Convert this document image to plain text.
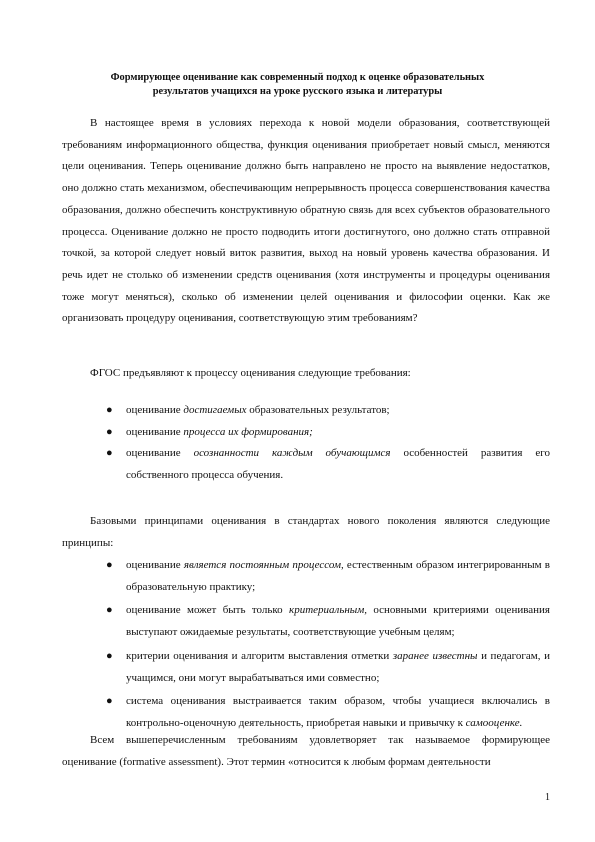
Формирующее оценивание как современный подход к оценке образовательных
результатов учащихся на уроке русского языка и литературы
В настоящее время в условиях перехода к новой модели образования, соответствующей требованиям информационного общества, функция оценивания приобретает новый смысл, меняются цели оценивания. Теперь оценивание должно быть направлено не просто на выявление недостатков, оно должно стать механизмом, обеспечивающим непрерывность процесса совершенствования качества образования, должно обеспечить конструктивную обратную связь для всех субъектов образовательного процесса. Оценивание должно не просто подводить итоги достигнутого, оно должно стать отправной точкой, за которой следует новый виток развития, выход на новый уровень качества образования. И речь идет не столько об изменении средств оценивания (хотя инструменты и процедуры оценивания тоже могут меняться), сколько об изменении целей оценивания и философии оценки. Как же организовать процедуру оценивания, соответствующую этим требованиям?
ФГОС предъявляют к процессу оценивания следующие требования:
● оценивание достигаемых образовательных результатов;
● оценивание процесса их формирования;
● оценивание осознанности каждым обучающимся особенностей развития его собственного процесса обучения.
Базовыми принципами оценивания в стандартах нового поколения являются следующие принципы:
● оценивание является постоянным процессом, естественным образом интегрированным в образовательную практику;
● оценивание может быть только критериальным, основными критериями оценивания выступают ожидаемые результаты, соответствующие учебным целям;
● критерии оценивания и алгоритм выставления отметки заранее известны и педагогам, и учащимся, они могут вырабатываться ими совместно;
● система оценивания выстраивается таким образом, чтобы учащиеся включались в контрольно-оценочную деятельность, приобретая навыки и привычку к самооценке.
Всем вышеперечисленным требованиям удовлетворяет так называемое формирующее оценивание (formative assessment). Этот термин «относится к любым формам деятельности
1
